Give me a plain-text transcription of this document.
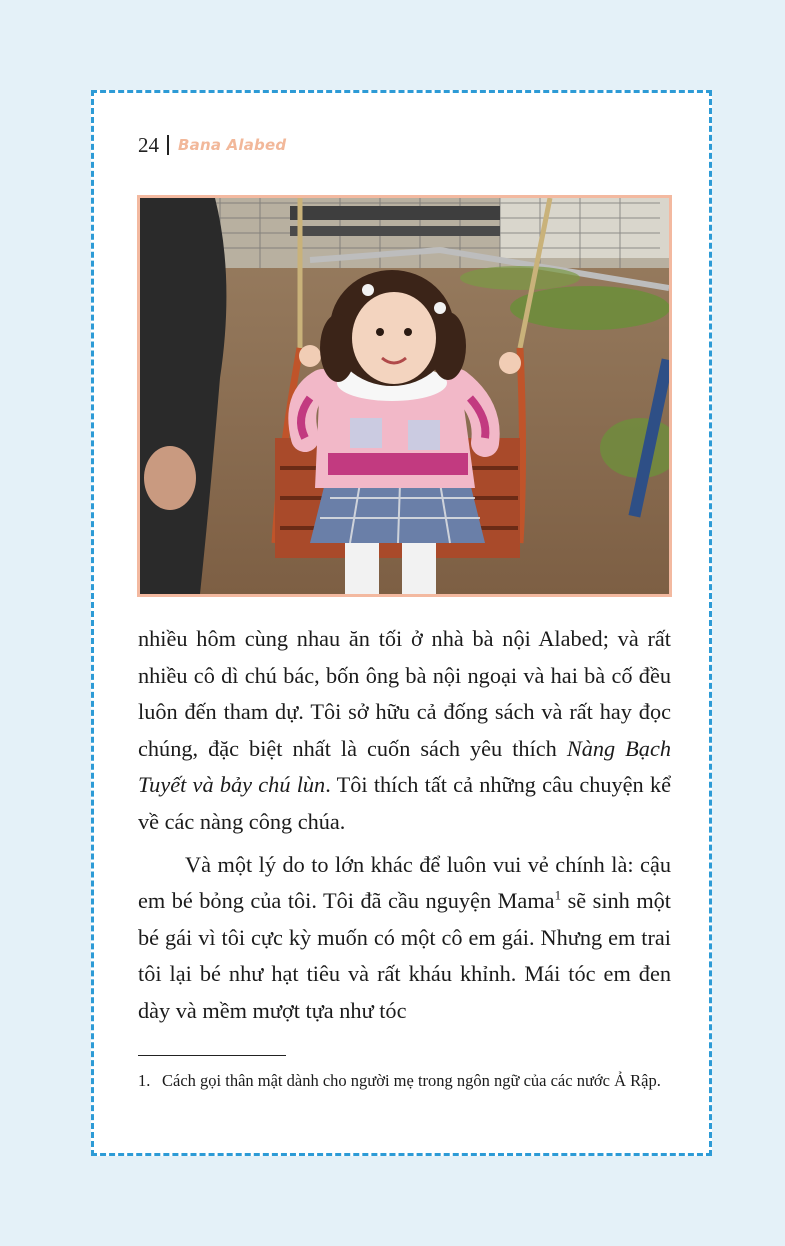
24 Bana Alabed

nhiều hôm cùng nhau ăn tối ở nhà bà nội Alabed; và rất nhiều cô dì chú bác, bốn ông bà nội ngoại và hai bà cố đều luôn đến tham dự. Tôi sở hữu cả đống sách và rất hay đọc chúng, đặc biệt nhất là cuốn sách yêu thích Nàng Bạch Tuyết và bảy chú lùn. Tôi thích tất cả những câu chuyện kể về các nàng công chúa.

Và một lý do to lớn khác để luôn vui vẻ chính là: cậu em bé bỏng của tôi. Tôi đã cầu nguyện Mama$^1$ sẽ sinh một bé gái vì tôi cực kỳ muốn có một cô em gái. Nhưng em trai tôi lại bé như hạt tiêu và rất kháu khỉnh. Mái tóc em đen dày và mềm mượt tựa như tóc

1. Cách gọi thân mật dành cho người mẹ trong ngôn ngữ của các nước Ả Rập.
